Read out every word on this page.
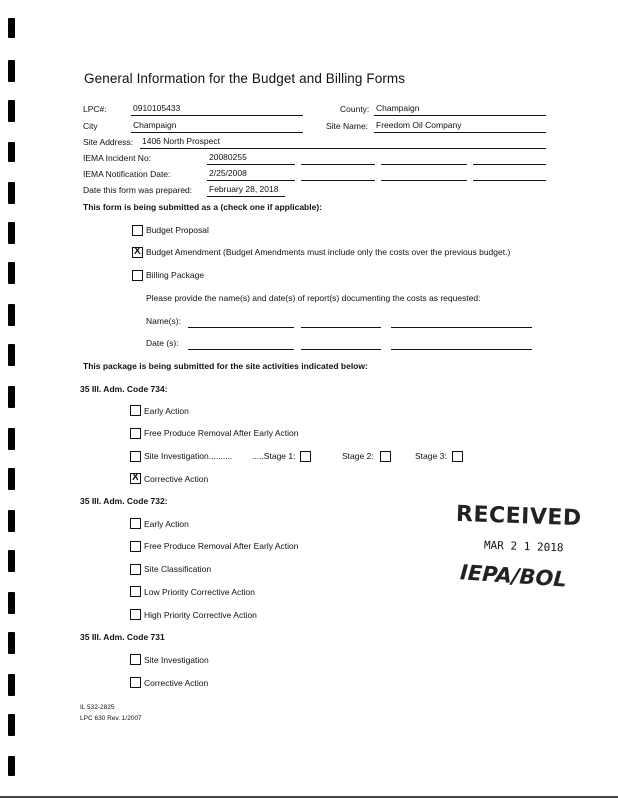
General Information for the Budget and Billing Forms
LPC#:	0910105433	County: Champaign
City	Champaign	Site Name: Freedom Oil Company
Site Address: 1406 North Prospect
IEMA Incident No:	20080255
IEMA Notification Date:	2/25/2008
Date this form was prepared: February 28, 2018
This form is being submitted as a (check one if applicable):
Budget Proposal
X Budget Amendment (Budget Amendments must include only the costs over the previous budget.)
Billing Package
Please provide the name(s) and date(s) of report(s) documenting the costs as requested:
Name(s):
Date (s):
This package is being submitted for the site activities indicated below:
35 Ill. Adm. Code 734:
Early Action
Free Produce Removal After Early Action
Site Investigation.......... .....Stage 1:	Stage 2:	Stage 3:
X Corrective Action
35 Ill. Adm. Code 732:
Early Action
Free Produce Removal After Early Action
Site Classification
Low Priority Corrective Action
High Priority Corrective Action
35 Ill. Adm. Code 731
Site Investigation
Corrective Action
RECEIVED
MAR 2 1 2018
IEPA/BOL
IL 532-2825
LPC 630 Rev. 1/2007
